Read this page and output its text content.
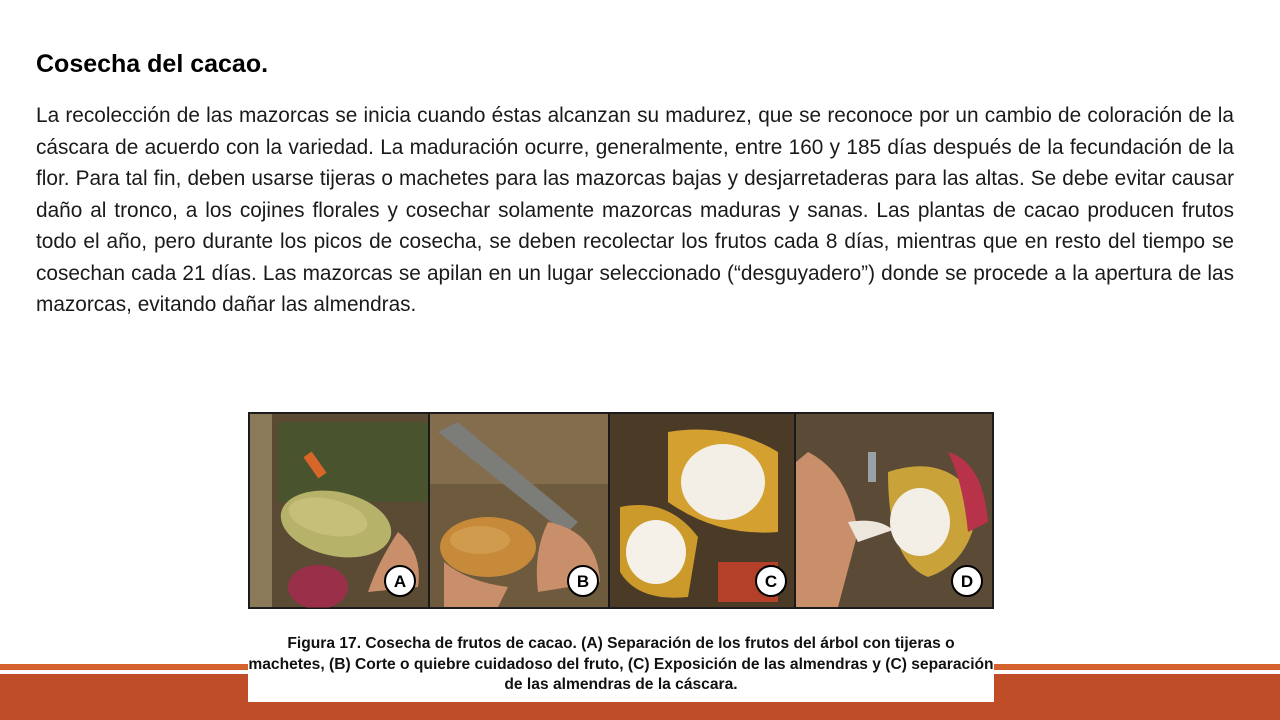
Cosecha del cacao.

La recolección de las mazorcas se inicia cuando éstas alcanzan su madurez, que se reconoce por un cambio de coloración de la cáscara de acuerdo con la variedad. La maduración ocurre, generalmente, entre 160 y 185 días después de la fecundación de la flor. Para tal fin, deben usarse tijeras o machetes para las mazorcas bajas y desjarretaderas para las altas. Se debe evitar causar daño al tronco, a los cojines florales y cosechar solamente mazorcas maduras y sanas. Las plantas de cacao producen frutos todo el año, pero durante los picos de cosecha, se deben recolectar los frutos cada 8 días, mientras que en resto del tiempo se cosechan cada 21 días. Las mazorcas se apilan en un lugar seleccionado (“desguyadero”) donde se procede a la apertura de las mazorcas, evitando dañar las almendras.

A	B	C	D

Figura 17. Cosecha de frutos de cacao. (A) Separación de los frutos del árbol con tijeras o machetes, (B) Corte o quiebre cuidadoso del fruto, (C) Exposición de las almendras y (C) separación de las almendras de la cáscara.
